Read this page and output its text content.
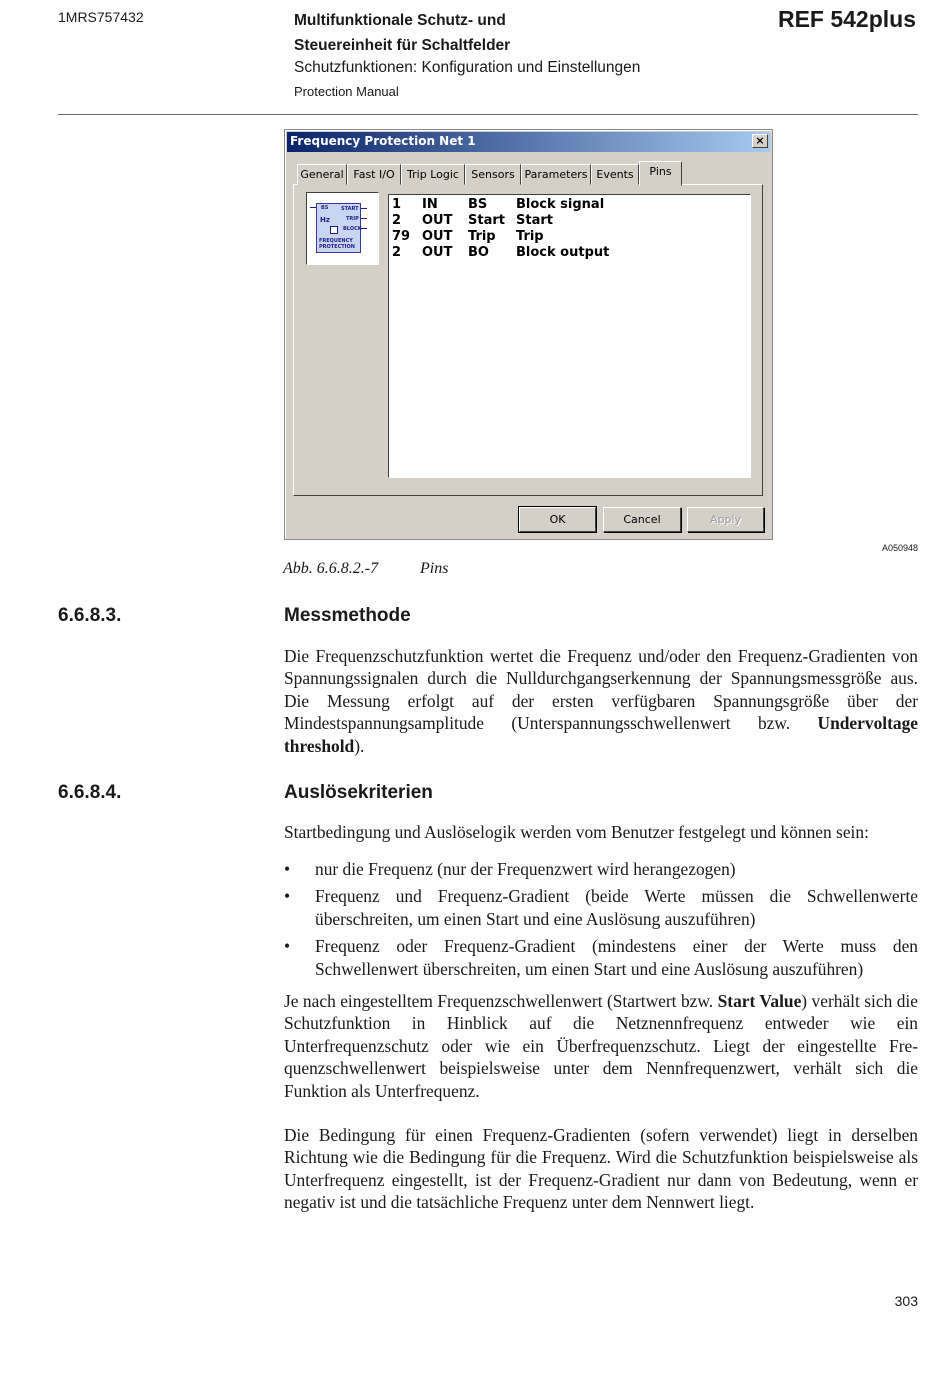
1MRS757432	Multifunktionale Schutz- und
Steuereinheit für Schaltfelder
Schutzfunktionen: Konfiguration und Einstellungen
Protection Manual
REF 542plus
Frequency Protection Net 1	×
General Fast I/O	Trip Logic	Sensors Parameters Events	Pins
BS	START
Hz	TRIP
BLOCK
FREQUENCY
PROTECTION
1 IN BS Block signal
2 OUT Start Start
79 OUT Trip Trip
2 OUT BO Block output
OK	Cancel	Apply
A050948
Abb. 6.6.8.2.-7	Pins
6.6.8.3.	Messmethode
Die Frequenzschutzfunktion wertet die Frequenz und/oder den Frequenz-Gradienten von Spannungssignalen durch die Nulldurchgangserkennung der Spannungsmessgröße aus. Die Messung erfolgt auf der ersten verfügbaren Spannungsgröße über der Mindestspannungsamplitude (Unterspannungsschwellenwert bzw. Undervoltage threshold).
6.6.8.4.	Auslösekriterien
Startbedingung und Auslöselogik werden vom Benutzer festgelegt und können sein:
• nur die Frequenz (nur der Frequenzwert wird herangezogen)
• Frequenz und Frequenz-Gradient (beide Werte müssen die Schwellenwerte überschreiten, um einen Start und eine Auslösung auszuführen)
• Frequenz oder Frequenz-Gradient (mindestens einer der Werte muss den Schwellenwert überschreiten, um einen Start und eine Auslösung auszuführen)
Je nach eingestelltem Frequenzschwellenwert (Startwert bzw. Start Value) verhält sich die Schutzfunktion in Hinblick auf die Netznennfrequenz entweder wie ein Unterfrequenzschutz oder wie ein Überfrequenzschutz. Liegt der eingestellte Frequenzschwellenwert beispielsweise unter dem Nennfrequenzwert, verhält sich die Funktion als Unterfrequenz.
Die Bedingung für einen Frequenz-Gradienten (sofern verwendet) liegt in derselben Richtung wie die Bedingung für die Frequenz. Wird die Schutzfunktion beispielsweise als Unterfrequenz eingestellt, ist der Frequenz-Gradient nur dann von Bedeutung, wenn er negativ ist und die tatsächliche Frequenz unter dem Nennwert liegt.
303
